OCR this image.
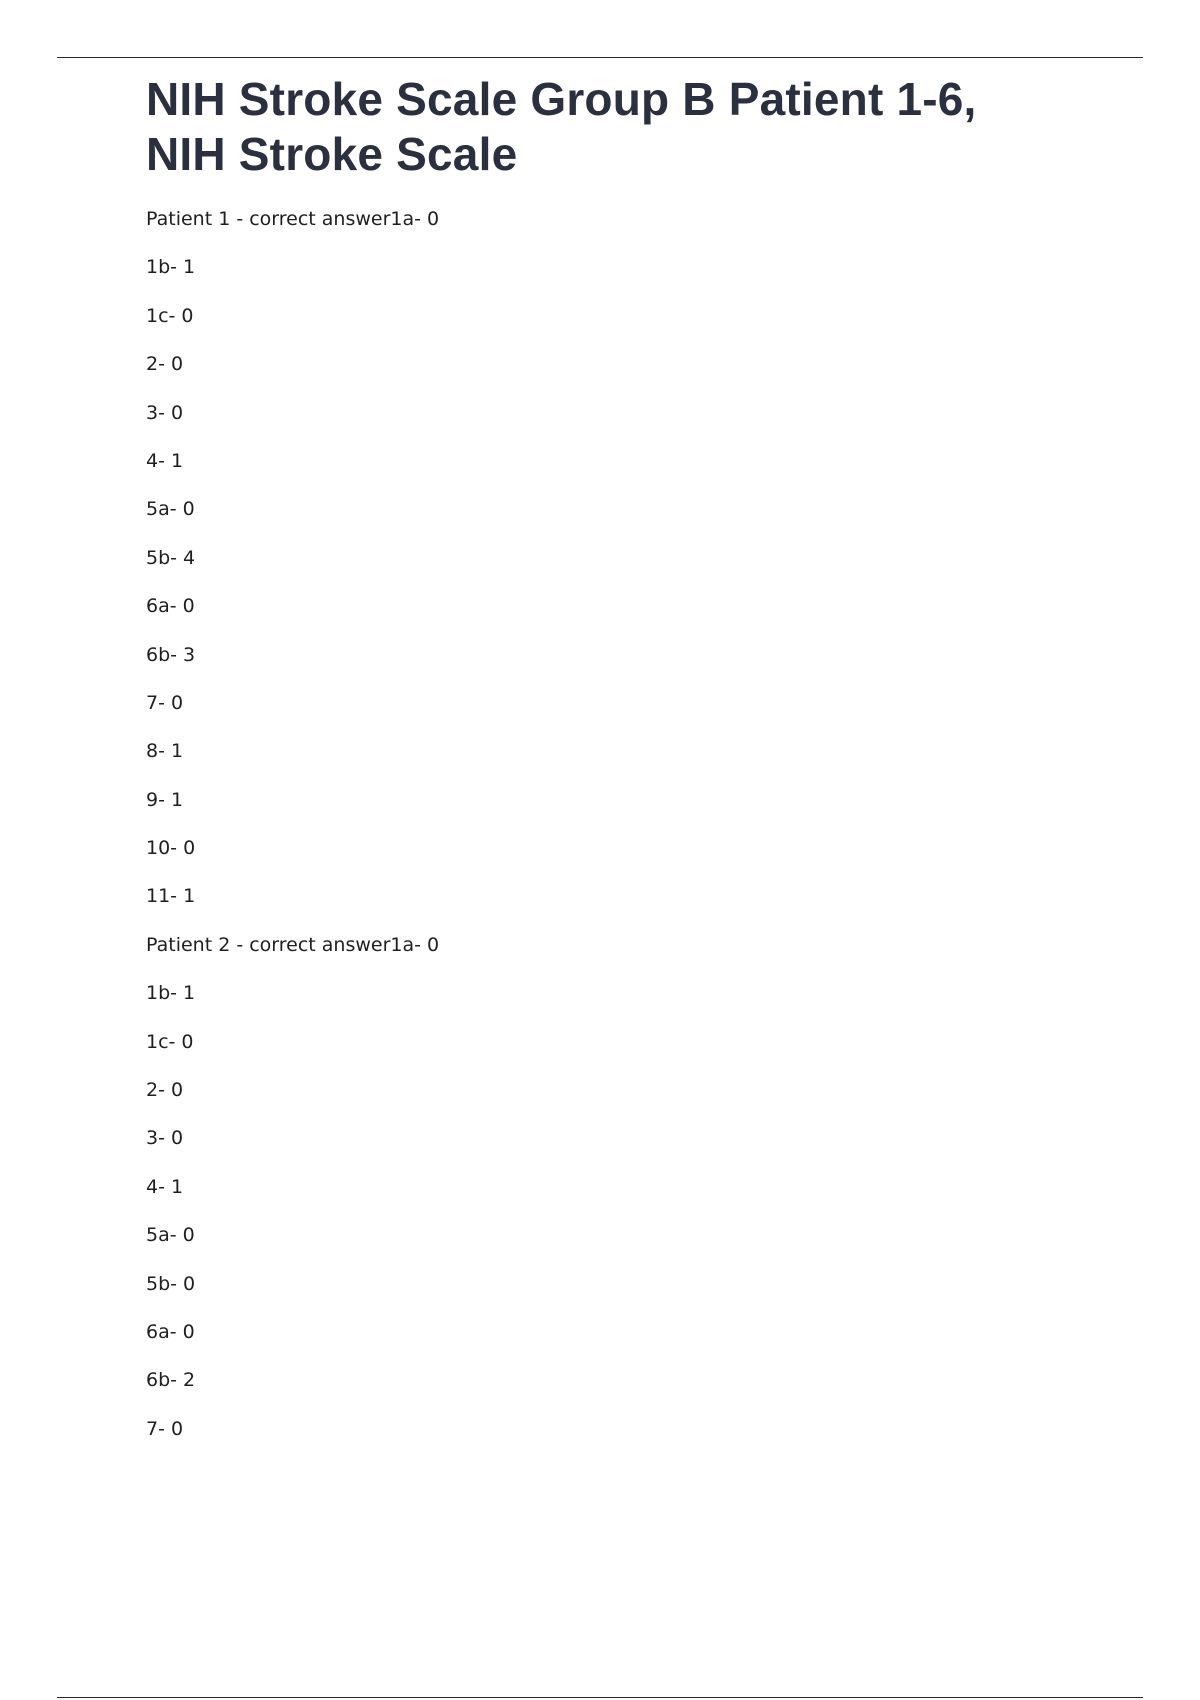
NIH Stroke Scale Group B Patient 1-6,
NIH Stroke Scale
Patient 1 - correct answer1a- 0
1b- 1
1c- 0
2- 0
3- 0
4- 1
5a- 0
5b- 4
6a- 0
6b- 3
7- 0
8- 1
9- 1
10- 0
11- 1
Patient 2 - correct answer1a- 0
1b- 1
1c- 0
2- 0
3- 0
4- 1
5a- 0
5b- 0
6a- 0
6b- 2
7- 0
